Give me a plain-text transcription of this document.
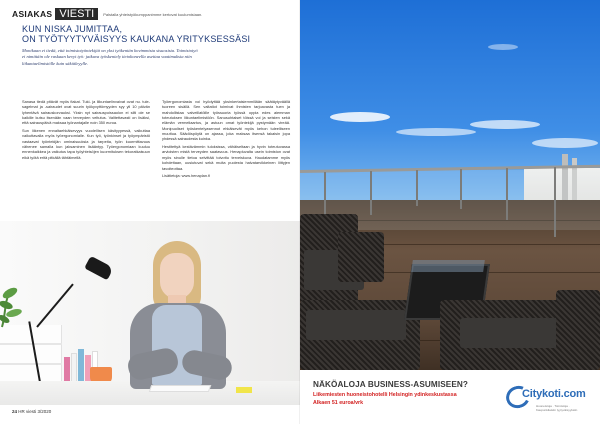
ASIAKAS VIESTI	Palstalla yhteistyökumppanimme kertovat kuulumisiaan.
KUN NISKA JUMITTAA,
ON TYÖTYYTYVÄISYYS KAUKANA YRITYKSESSÄSI
Monikaan ei tiedä, että toimistotyöntekijät on yksi työkentän kovimmista sisuosista. Toimistotyö ei nimittäin ole raskaan kevyt työ: jatkuva työskentely tietokoneella asettaa vaatimuksia niin liikuntaelimistölle kuin säkiäleyylle.

Sanasa tiedä pitävät myös fiakat. Tuki- ja liikuntaelinvaivat ovat nu. tule-sagelmat ja -sairaudet ovat suurin työkyvyttömyyden syy yli 10 päivän lyhentävä sairauskorvauksi. Yksin nyt sairauspoissaolon ei silti ole se kaikille kutsu itsenään vaan terveyden veltutus. Valitettavasti on lisäksi, että sairauspäivä maksaa työnantajalle noin 350 euroa.

Sun liikenen ennaltaehkäisevyys vuodellisen käsityypessä, vaikuttaa vaikuttavalla myös työergonomialle. Kun työ, työnkinset ja työympäristö vastaavat työntekijän ominaisuuksia ja tarpeita, työn kuormittavuus vähenee samalla kun jaksaminen lisääntyy. Työergonomiaan kuuluu ennenkaikkea ja vaikutus tapa työyhteisöjen kuormituksen tekoratkaisuun eikä työtä eritä pitkällä tähtäimellä.

Työergonomiasta voi hyödyttää yksinkertaisiemmillään säätäytyväällä tuoreen sisällä. Sen valtatiot toimivat ihmisten tarjoavasta tuen ja mahdollistaa valveillatöille työssuoria työssä oppia edes aiemman toteutuksen liikuntaelimistöön. Sanusuhtaiset töissä voi ja seisten sekä elämän vermeliaartus, ja astuun omat työntekijä pystymään vireää. Monipuoliset työskentelyasennot ehkäisevät myös kehon tuleelliseen muuttua. Säädöspöytä on ajassa, joka maksaa itsensä takaisin jopa yhdessä sairaudesta kuinka.

Hestitettyä kestävämmin tuloksissa, vähäiseltaan ja hyvin toteutuvassa arvioisten mistä terveyden saatavuus. Henapluvalta usein toimiston ovat myös sinulle tietoa selvittää toivottu terveiskuva. Haudatamme myös kohdettaan, uusiutuvat sekä muita puolesta halvatarvikkeinen liittyjen tavoiteottaa.

Lisätietoja: www.henaplan.fi

24 HR viesti 3/2020
NÄKÖALOJA BUSINESS-ASUMISEEN?
Liikemiesten huoneistohotelli Helsingin ydinkeskustassa
Alkaen 51 euroa/vrk
Citykoti.com
Huoneistoja · Toimistoja · Kaupunkilaisiin tyytyväisyyksiin
